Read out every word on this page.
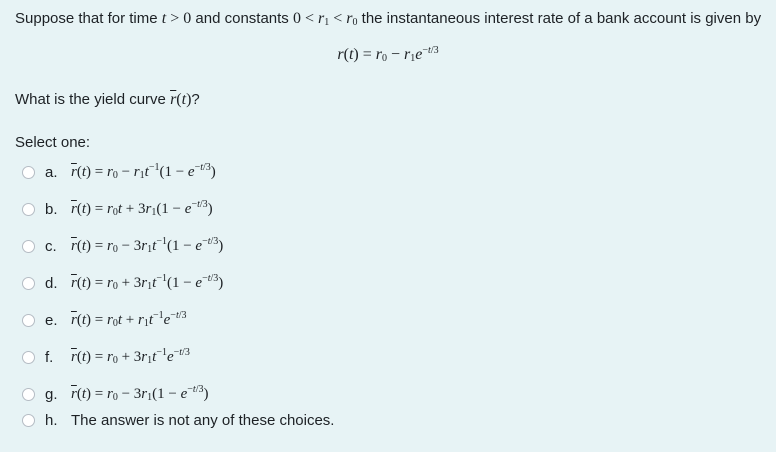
Suppose that for time t > 0 and constants $0 < r_1 < r_0$ the instantaneous interest rate of a bank account is given by
$r(t) = r_0 - r_1e^{-t/3}$
What is the yield curve $\overline{r}(t)$?
Select one:
a. $\overline{r}(t) = r_0 - r_1t^{-1}(1 - e^{-t/3})$
b. $\overline{r}(t) = r_0t + 3r_1(1 - e^{-t/3})$
c. $\overline{r}(t) = r_0 - 3r_1t^{-1}(1 - e^{-t/3})$
d. $\overline{r}(t) = r_0 + 3r_1t^{-1}(1 - e^{-t/3})$
e. $\overline{r}(t) = r_0t + r_1t^{-1}e^{-t/3}$
f.	$\overline{r}(t) = r_0 + 3r_1t^{-1}e^{-t/3}$
g. $\overline{r}(t) = r_0 - 3r_1(1 - e^{-t/3})$
h. The answer is not any of these choices.
